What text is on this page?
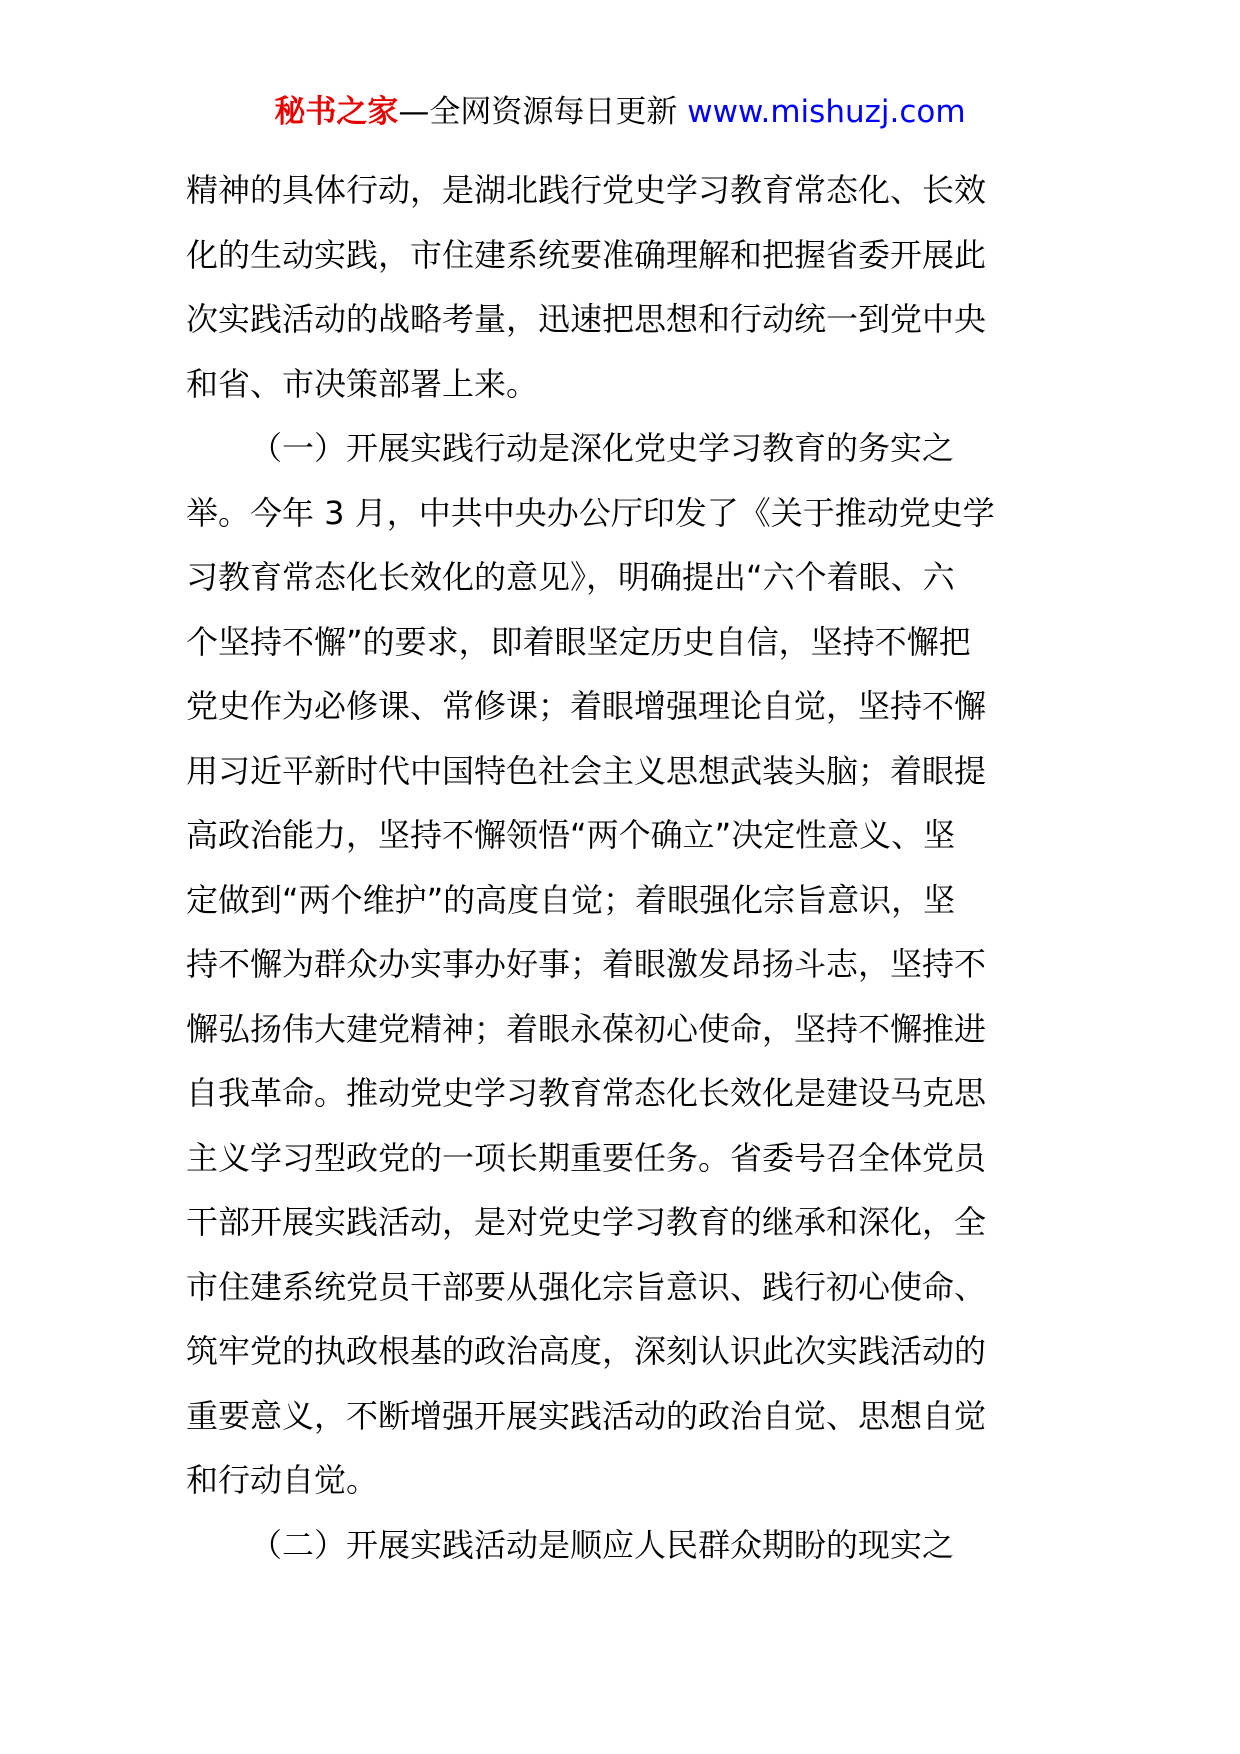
秘书之家—全网资源每日更新 www.mishuzj.com
精神的具体行动，是湖北践行党史学习教育常态化、长效
化的生动实践，市住建系统要准确理解和把握省委开展此
次实践活动的战略考量，迅速把思想和行动统一到党中央
和省、市决策部署上来。
（一）开展实践行动是深化党史学习教育的务实之
举。今年 3 月，中共中央办公厅印发了《关于推动党史学
习教育常态化长效化的意见》，明确提出“六个着眼、六
个坚持不懈”的要求，即着眼坚定历史自信，坚持不懈把
党史作为必修课、常修课；着眼增强理论自觉，坚持不懈
用习近平新时代中国特色社会主义思想武装头脑；着眼提
高政治能力，坚持不懈领悟“两个确立”决定性意义、坚
定做到“两个维护”的高度自觉；着眼强化宗旨意识，坚
持不懈为群众办实事办好事；着眼激发昂扬斗志，坚持不
懈弘扬伟大建党精神；着眼永葆初心使命，坚持不懈推进
自我革命。推动党史学习教育常态化长效化是建设马克思
主义学习型政党的一项长期重要任务。省委号召全体党员
干部开展实践活动，是对党史学习教育的继承和深化，全
市住建系统党员干部要从强化宗旨意识、践行初心使命、
筑牢党的执政根基的政治高度，深刻认识此次实践活动的
重要意义，不断增强开展实践活动的政治自觉、思想自觉
和行动自觉。
（二）开展实践活动是顺应人民群众期盼的现实之
